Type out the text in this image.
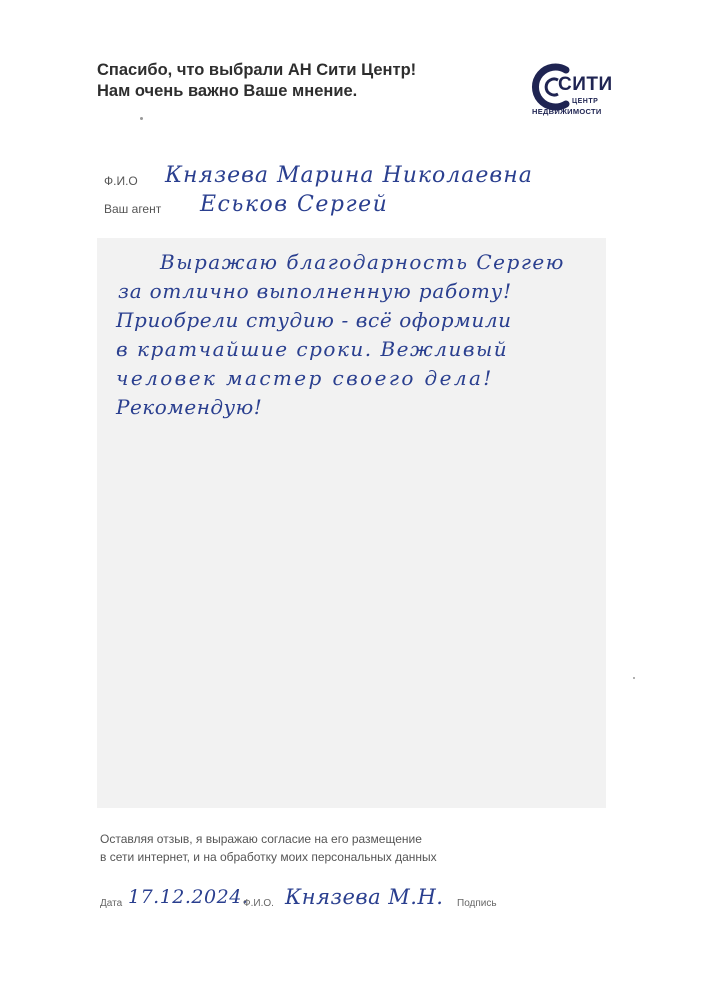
Спасибо, что выбрали АН Сити Центр!
Нам очень важно Ваше мнение.	СИТИ
ЦЕНТР
НЕДВИЖИМОСТИ
Ф.И.О Князева Марина Николаевна
Ваш агент Еськов Сергей
Выражаю благодарность Сергею
за отлично выполненную работу!
Приобрели студию - всё оформили
в кратчайшие сроки. Вежливый
человек мастер своего дела!
Рекомендую!
Оставляя отзыв, я выражаю согласие на его размещение
в сети интернет, и на обработку моих персональных данных
Дата 17.12.2024.
Ф.И.О. Князева М.Н. Подпись
